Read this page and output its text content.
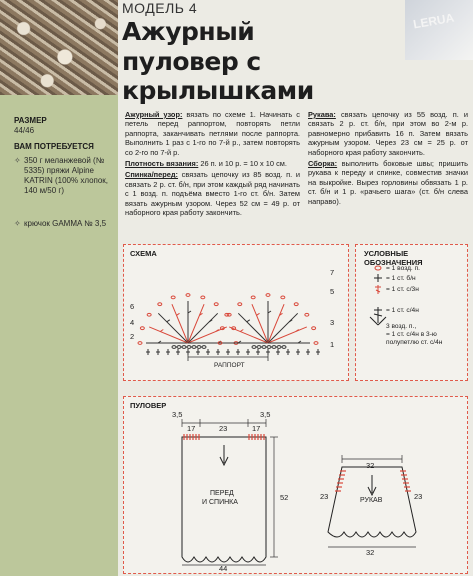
LERUA
МОДЕЛЬ 4
Ажурный
пуловер с крылышками
РАЗМЕР
44/46
ВАМ ПОТРЕБУЕТСЯ
✧ 350 г меланжевой (№ 5335) пряжи Alpine KATRIN (100% хлопок, 140 м/50 г)
✧ крючок GAMMA № 3,5

Ажурный узор: вязать по схеме 1. Начинать с петель перед раппортом, повторять петли раппорта, заканчивать петлями после раппорта. Выполнить 1 раз с 1-го по 7-й р., затем повторять со 2-го по 7-й р.

Плотность вязания: 26 п. и 10 р. = 10 х 10 см.

Спинка/перед: связать цепочку из 85 возд. п. и связать 2 р. ст. б/н, при этом каждый ряд начинать с 1 возд. п. подъёма вместо 1-го ст. б/н. Затем вязать ажурным узором. Через 52 см = 49 р. от наборного края работу закончить.

Рукава: связать цепочку из 55 возд. п. и связать 2 р. ст. б/н, при этом во 2-м р. равномерно прибавить 16 п. Затем вязать ажурным узором. Через 23 см = 25 р. от наборного края работу закончить.

Сборка: выполнить боковые швы; пришить рукава к переду и спинке, совместив значки на выкройке. Вырез горловины обвязать 1 р. ст. б/н и 1 р. «рачьего шага» (ст. б/н слева направо).

СХЕМА
7
6
5
4	3
2
1
РАППОРТ
УСЛОВНЫЕ ОБОЗНАЧЕНИЯ
= 1 возд. п.
= 1 ст. б/н
= 1 ст. с/3н
= 1 ст. с/4н
3 возд. п.,
= 1 ст. с/4н в 3-ю
полупетлю ст. с/4н
ПУЛОВЕР
3,5
17	23	17
3,5
ПЕРЕД
И СПИНКА
52
44
32
23	23
РУКАВ
32
